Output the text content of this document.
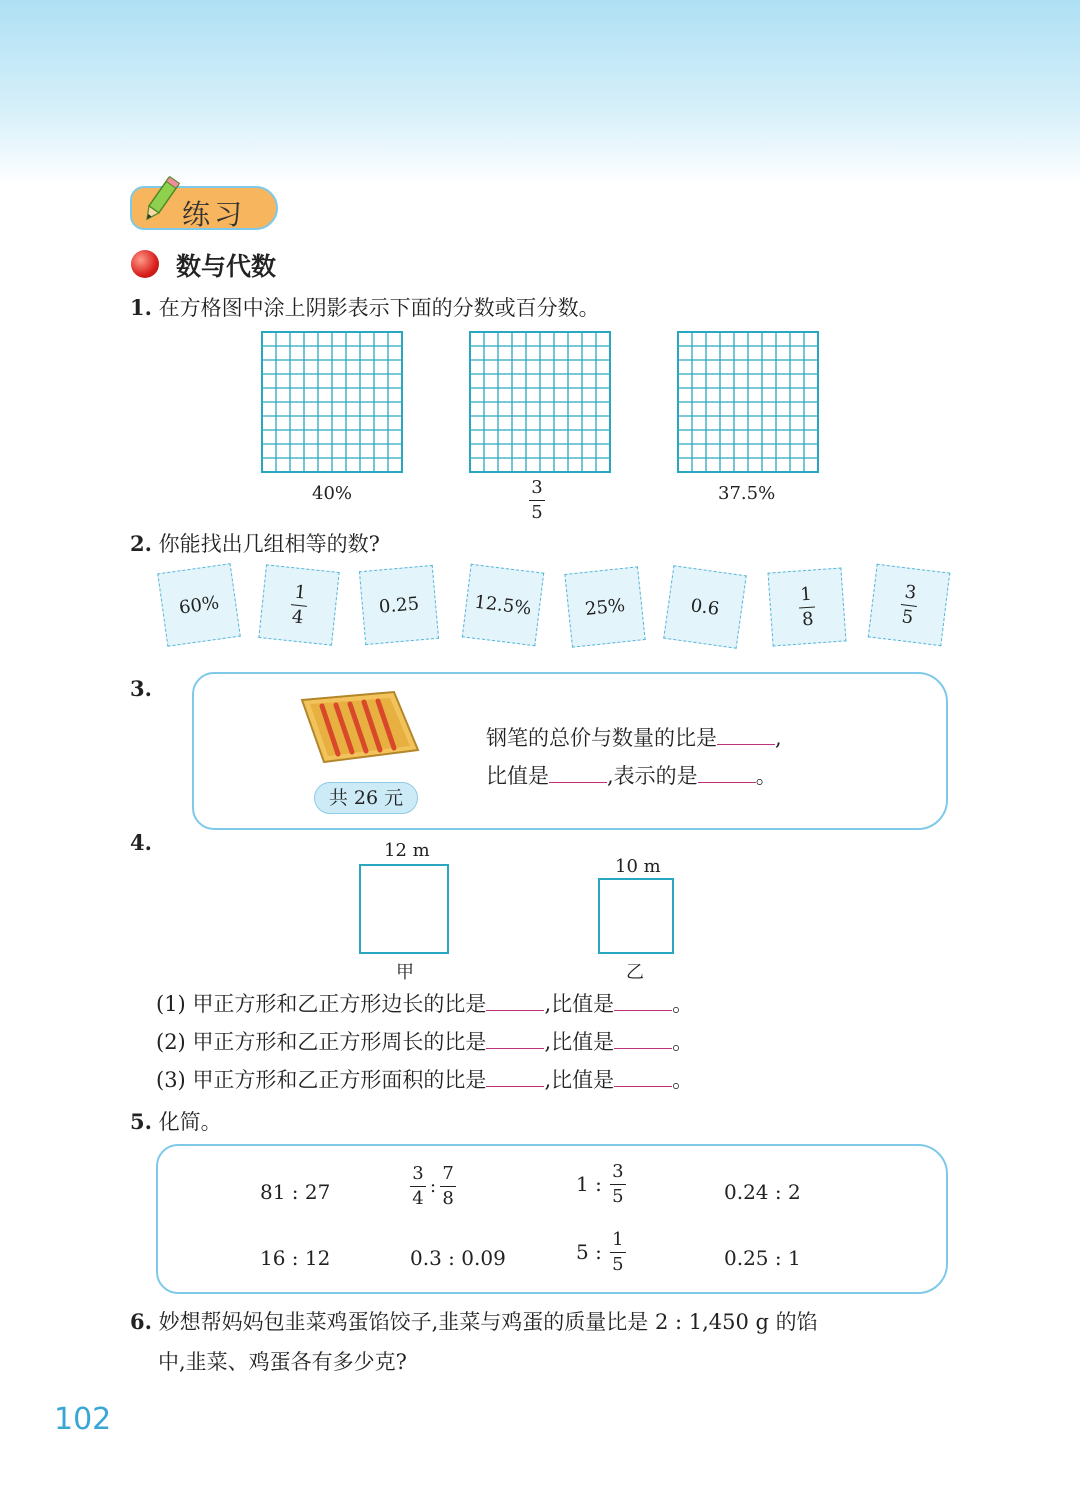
练习
数与代数
1. 在方格图中涂上阴影表示下面的分数或百分数。
40%	$\frac{3}{5}$	37.5%
2. 你能找出几组相等的数?
60%	$\frac{1}{4}$	0.25	12.5%	25%	0.6	$\frac{1}{8}$	$\frac{3}{5}$
3.
共 26 元
钢笔的总价与数量的比是	,
比值是	,表示的是	。
4.	12 m
甲
10 m
乙
(1) 甲正方形和乙正方形边长的比是	,比值是	。
(2) 甲正方形和乙正方形周长的比是	,比值是	。
(3) 甲正方形和乙正方形面积的比是	,比值是	。
5. 化简。
81 : 27	$\frac{3}{4}$ : $\frac{7}{8}$	1 : $\frac{3}{5}$	0.24 : 2
16 : 12	0.3 : 0.09	5 : $\frac{1}{5}$	0.25 : 1
6. 妙想帮妈妈包韭菜鸡蛋馅饺子,韭菜与鸡蛋的质量比是 2 : 1,450 g 的馅
中,韭菜、鸡蛋各有多少克?
102
